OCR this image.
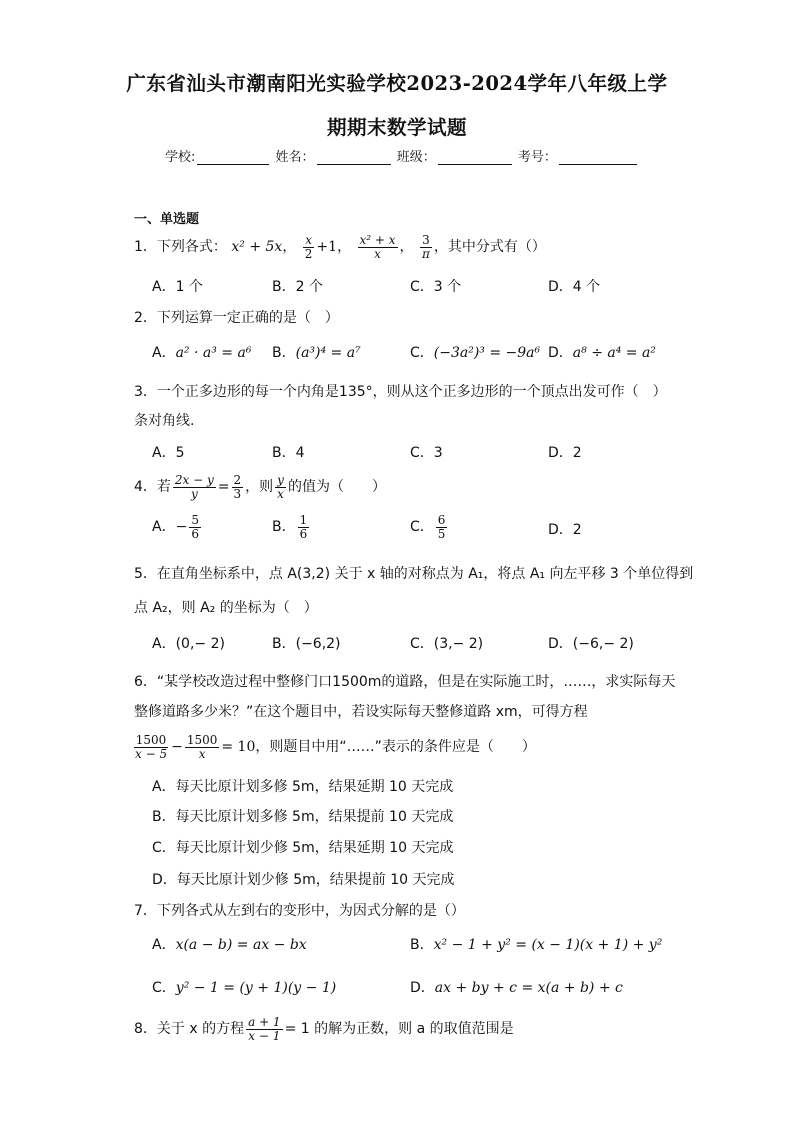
广东省汕头市潮南阳光实验学校2023-2024学年八年级上学
期期末数学试题
学校:	姓名：	班级：	考号：
一、单选题
1．下列各式： x² + 5x， $\frac{x}{2} +1$， $\frac{\text{x² + x}}{x}$ ， $\frac{3}{\pi}$ ，其中分式有（）
A．1 个	B．2 个	C．3 个	D．4 个
2．下列运算一定正确的是（　）
A．a² · a³ = a⁶ B．(a³)⁴ = a⁷	C．(−3a²)³ = −9a⁶ D．a⁸ ÷ a⁴ = a²
3．一个正多边形的每一个内角是135°，则从这个正多边形的一个顶点出发可作（　）
条对角线.
A．5	B．4	C．3	D．2
4．若 $\frac{2x - y}{y} = \frac{2}{3}$ ，则 $\frac{y}{x}$ 的值为（　　）
A．− $\frac{5}{6}$	B． $\frac{1}{6}$	C． $\frac{6}{5}$	D．2
5．在直角坐标系中，点 A(3,2) 关于 x 轴的对称点为 A₁，将点 A₁ 向左平移 3 个单位得到
点 A₂，则 A₂ 的坐标为（　）
A．(0,− 2)	B．(−6,2)	C．(3,− 2)	D．(−6,− 2)
6．“某学校改造过程中整修门口1500m的道路，但是在实际施工时，……，求实际每天
整修道路多少米？”在这个题目中，若设实际每天整修道路 xm，可得方程
$\frac{1500}{x - 5} - \frac{1500}{x} = 10$，则题目中用“……”表示的条件应是（　　）
A．每天比原计划多修 5m，结果延期 10 天完成
B．每天比原计划多修 5m，结果提前 10 天完成
C．每天比原计划少修 5m，结果延期 10 天完成
D．每天比原计划少修 5m，结果提前 10 天完成
7．下列各式从左到右的变形中，为因式分解的是（）
A．x(a − b) = ax − bx	B．x² − 1 + y² = (x − 1)(x + 1) + y²
C．y² − 1 = (y + 1)(y − 1)	D．ax + by + c = x(a + b) + c
8．关于 x 的方程 $\frac{a + 1}{x - 1} = 1$ 的解为正数，则 a 的取值范围是
